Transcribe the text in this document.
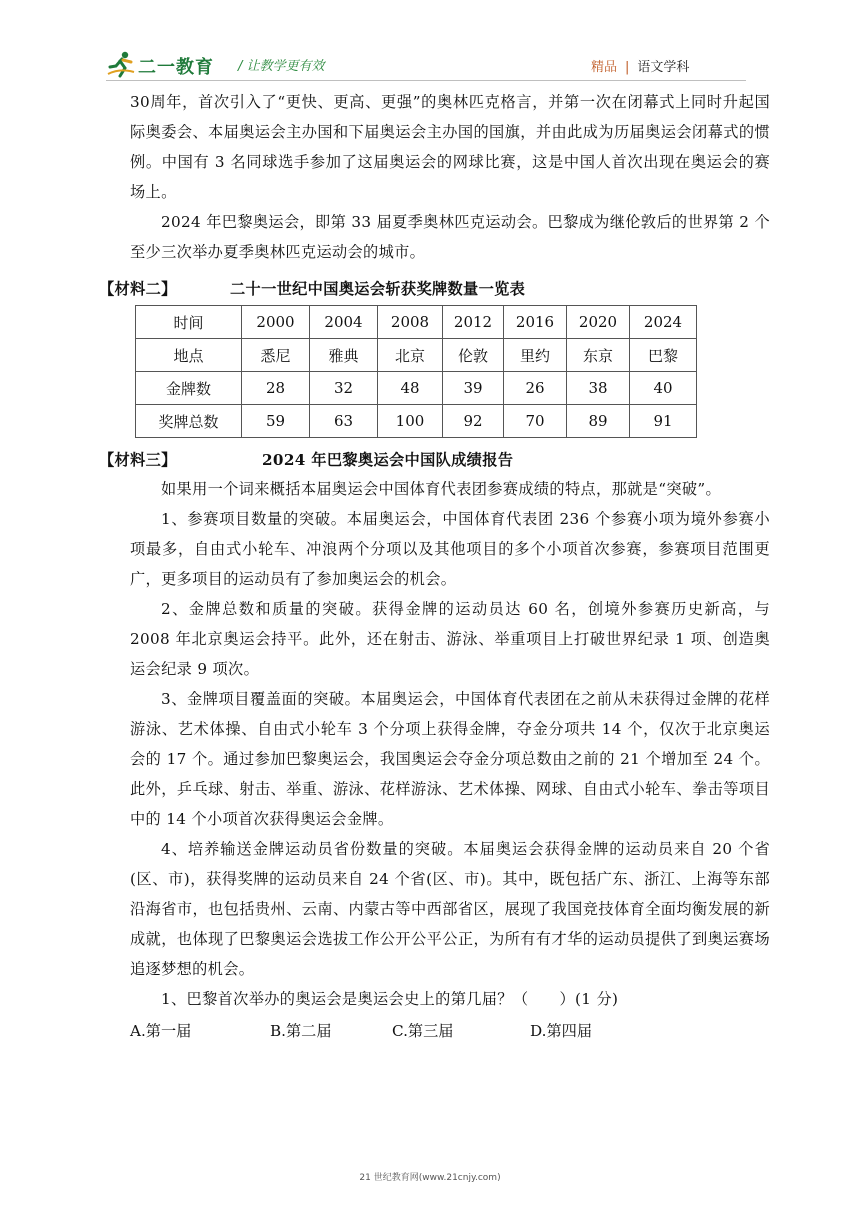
二一教育 / 让教学更有效	精品 | 语文学科

30周年，首次引入了“更快、更高、更强”的奥林匹克格言，并第一次在闭幕式上同时升起国际奥委会、本届奥运会主办国和下届奥运会主办国的国旗，并由此成为历届奥运会闭幕式的惯例。中国有 3 名同球选手参加了这届奥运会的网球比赛，这是中国人首次出现在奥运会的赛场上。

2024 年巴黎奥运会，即第 33 届夏季奥林匹克运动会。巴黎成为继伦敦后的世界第 2 个至少三次举办夏季奥林匹克运动会的城市。

【材料二】	二十一世纪中国奥运会斩获奖牌数量一览表

时间	2000	2004	2008	2012	2016	2020	2024
地点	悉尼	雅典	北京	伦敦	里约	东京	巴黎
金牌数	28	32	48	39	26	38	40
奖牌总数	59	63	100	92	70	89	91

【材料三】	2024 年巴黎奥运会中国队成绩报告

如果用一个词来概括本届奥运会中国体育代表团参赛成绩的特点，那就是“突破”。

1、参赛项目数量的突破。本届奥运会，中国体育代表团 236 个参赛小项为境外参赛小项最多，自由式小轮车、冲浪两个分项以及其他项目的多个小项首次参赛，参赛项目范围更广，更多项目的运动员有了参加奥运会的机会。

2、金牌总数和质量的突破。获得金牌的运动员达 60 名，创境外参赛历史新高，与 2008 年北京奥运会持平。此外，还在射击、游泳、举重项目上打破世界纪录 1 项、创造奥运会纪录 9 项次。

3、金牌项目覆盖面的突破。本届奥运会，中国体育代表团在之前从未获得过金牌的花样游泳、艺术体操、自由式小轮车 3 个分项上获得金牌，夺金分项共 14 个，仅次于北京奥运会的 17 个。通过参加巴黎奥运会，我国奥运会夺金分项总数由之前的 21 个增加至 24 个。此外，乒乓球、射击、举重、游泳、花样游泳、艺术体操、网球、自由式小轮车、拳击等项目中的 14 个小项首次获得奥运会金牌。

4、培养输送金牌运动员省份数量的突破。本届奥运会获得金牌的运动员来自 20 个省(区、市)，获得奖牌的运动员来自 24 个省(区、市)。其中，既包括广东、浙江、上海等东部沿海省市，也包括贵州、云南、内蒙古等中西部省区，展现了我国竞技体育全面均衡发展的新成就，也体现了巴黎奥运会选拔工作公开公平公正，为所有有才华的运动员提供了到奥运赛场追逐梦想的机会。

1、巴黎首次举办的奥运会是奥运会史上的第几届？（　　）(1 分)

A.第一届	B.第二届	C.第三届	D.第四届
21 世纪教育网(www.21cnjy.com)
